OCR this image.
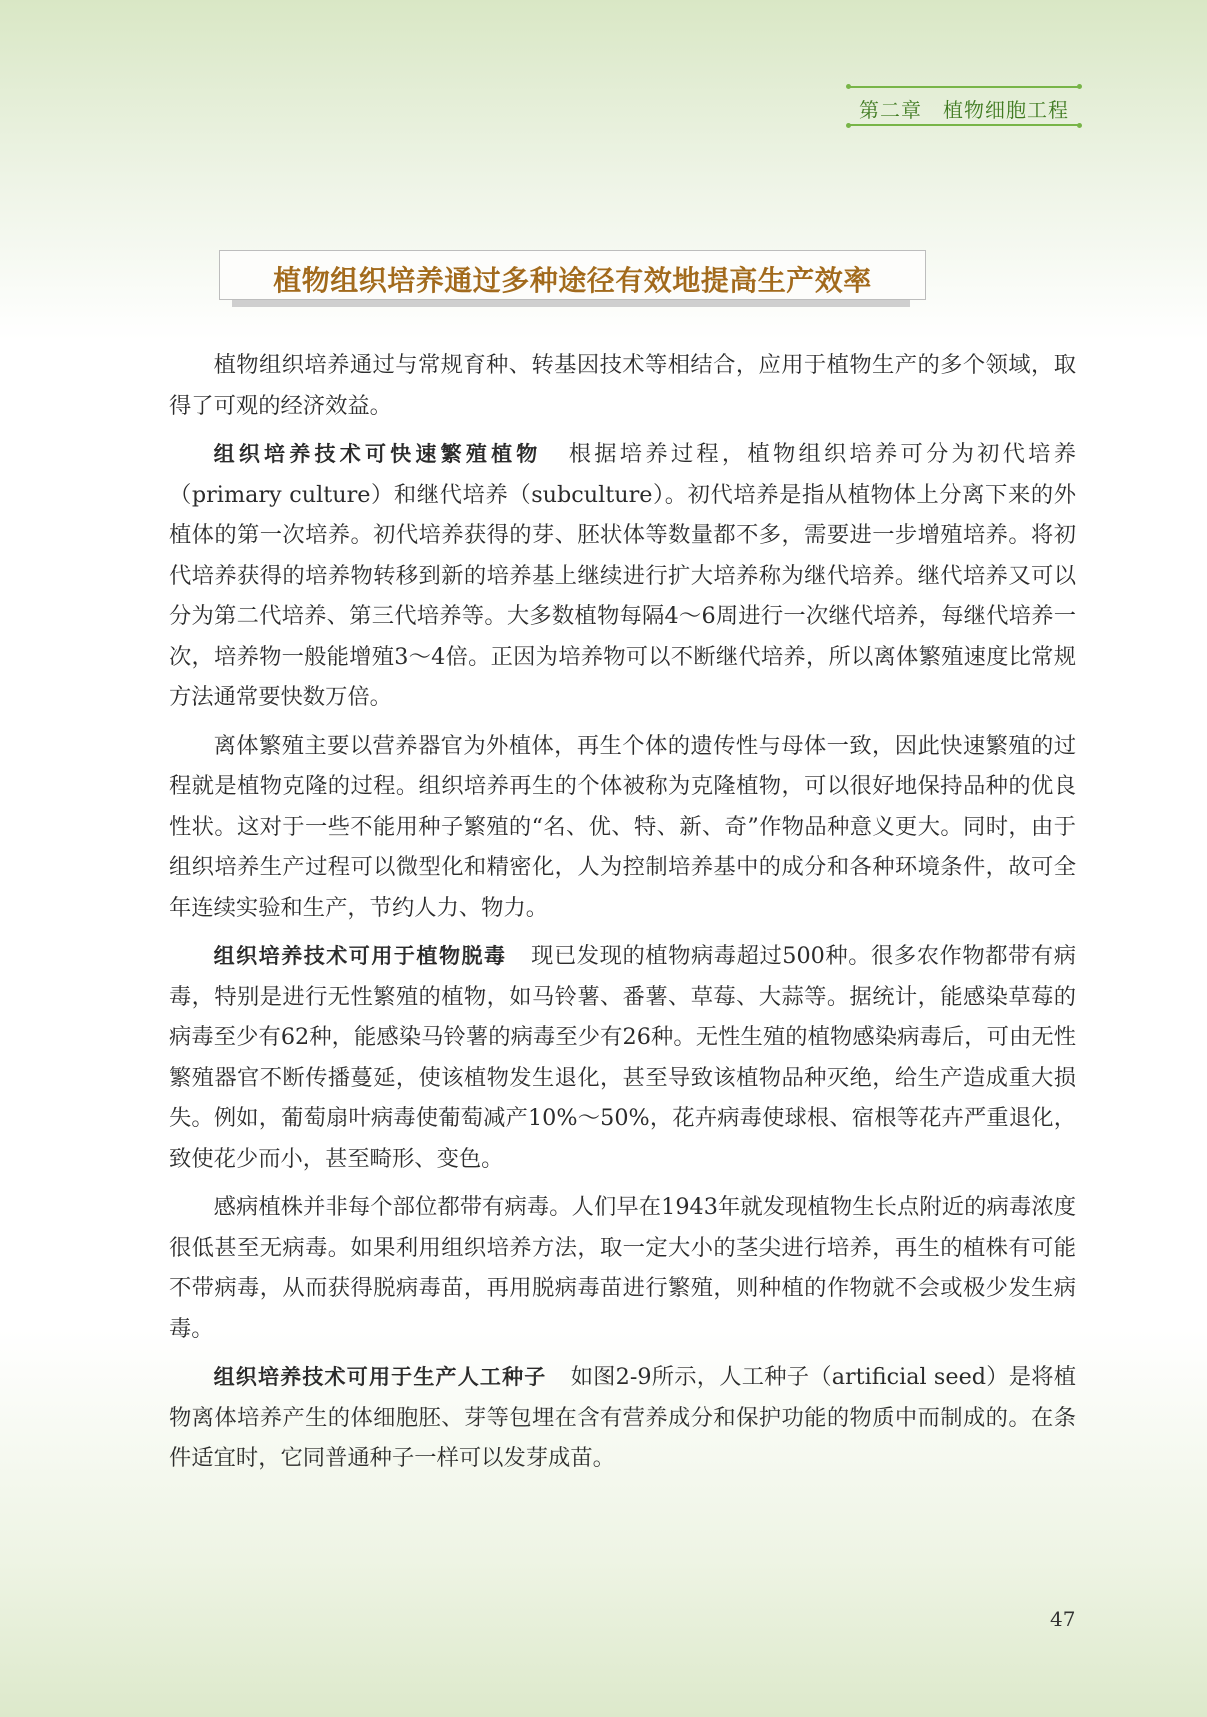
第二章　植物细胞工程
植物组织培养通过多种途径有效地提高生产效率

植物组织培养通过与常规育种、转基因技术等相结合，应用于植物生产的多个领域，取得了可观的经济效益。

组织培养技术可快速繁殖植物 根据培养过程，植物组织培养可分为初代培养（primary culture）和继代培养（subculture）。初代培养是指从植物体上分离下来的外植体的第一次培养。初代培养获得的芽、胚状体等数量都不多，需要进一步增殖培养。将初代培养获得的培养物转移到新的培养基上继续进行扩大培养称为继代培养。继代培养又可以分为第二代培养、第三代培养等。大多数植物每隔4～6周进行一次继代培养，每继代培养一次，培养物一般能增殖3～4倍。正因为培养物可以不断继代培养，所以离体繁殖速度比常规方法通常要快数万倍。

离体繁殖主要以营养器官为外植体，再生个体的遗传性与母体一致，因此快速繁殖的过程就是植物克隆的过程。组织培养再生的个体被称为克隆植物，可以很好地保持品种的优良性状。这对于一些不能用种子繁殖的“名、优、特、新、奇”作物品种意义更大。同时，由于组织培养生产过程可以微型化和精密化，人为控制培养基中的成分和各种环境条件，故可全年连续实验和生产，节约人力、物力。

组织培养技术可用于植物脱毒 现已发现的植物病毒超过500种。很多农作物都带有病毒，特别是进行无性繁殖的植物，如马铃薯、番薯、草莓、大蒜等。据统计，能感染草莓的病毒至少有62种，能感染马铃薯的病毒至少有26种。无性生殖的植物感染病毒后，可由无性繁殖器官不断传播蔓延，使该植物发生退化，甚至导致该植物品种灭绝，给生产造成重大损失。例如，葡萄扇叶病毒使葡萄减产10%～50%，花卉病毒使球根、宿根等花卉严重退化，致使花少而小，甚至畸形、变色。

感病植株并非每个部位都带有病毒。人们早在1943年就发现植物生长点附近的病毒浓度很低甚至无病毒。如果利用组织培养方法，取一定大小的茎尖进行培养，再生的植株有可能不带病毒，从而获得脱病毒苗，再用脱病毒苗进行繁殖，则种植的作物就不会或极少发生病毒。

组织培养技术可用于生产人工种子 如图2-9所示，人工种子（artificial seed）是将植物离体培养产生的体细胞胚、芽等包埋在含有营养成分和保护功能的物质中而制成的。在条件适宜时，它同普通种子一样可以发芽成苗。

47
